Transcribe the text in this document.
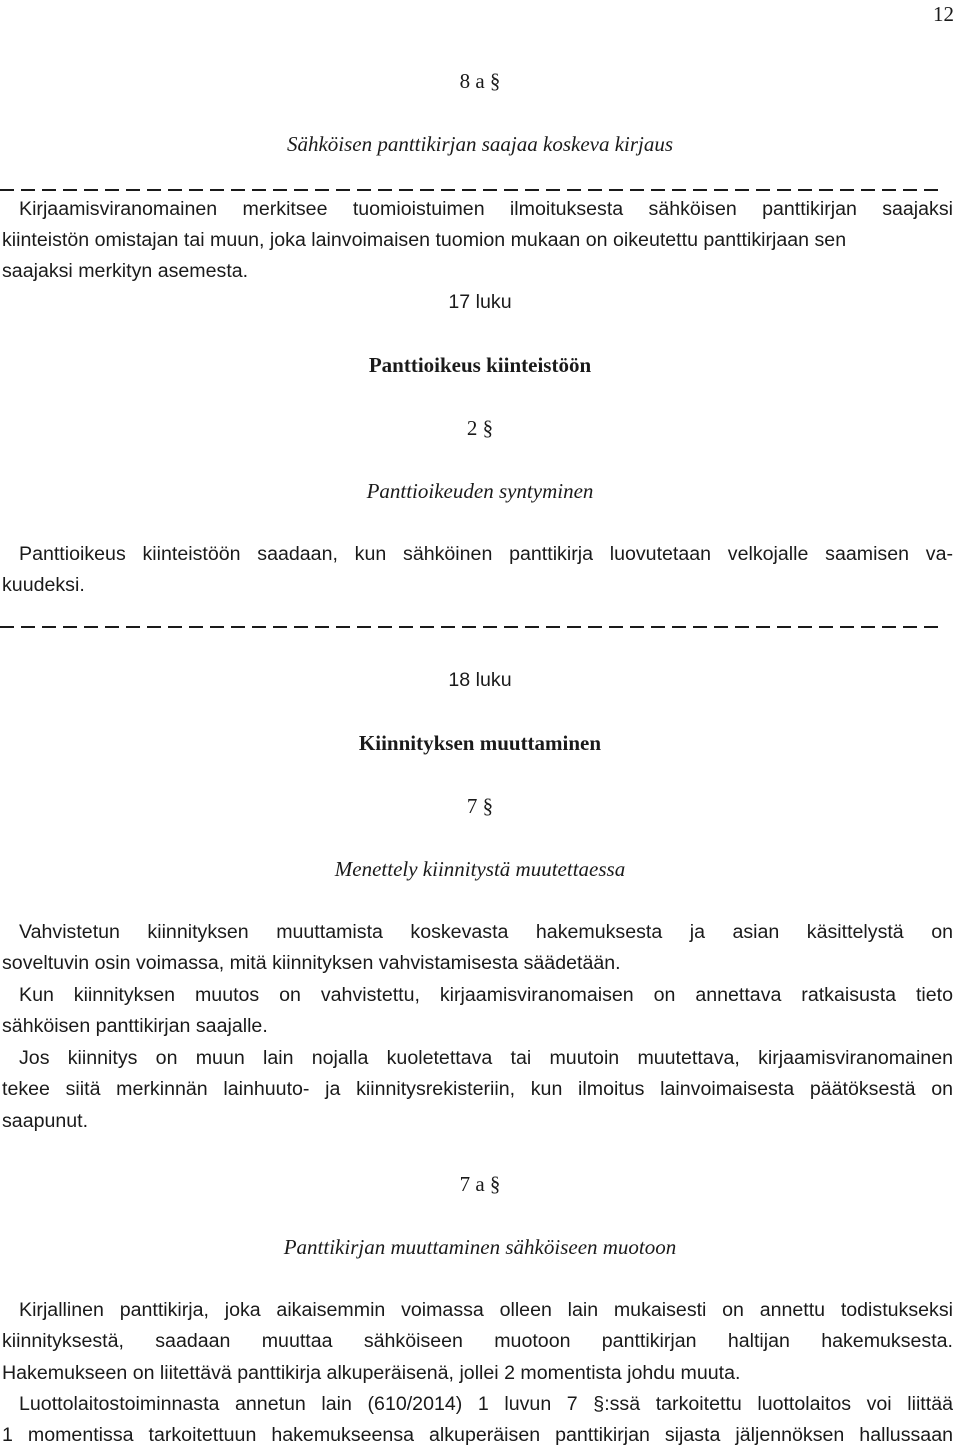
12
8 a §
Sähköisen panttikirjan saajaa koskeva kirjaus
Kirjaamisviranomainen merkitsee tuomioistuimen ilmoituksesta sähköisen panttikirjan saajaksi
kiinteistön omistajan tai muun, joka lainvoimaisen tuomion mukaan on oikeutettu panttikirjaan sen
saajaksi merkityn asemesta.
17 luku
Panttioikeus kiinteistöön
2 §
Panttioikeuden syntyminen
Panttioikeus kiinteistöön saadaan, kun sähköinen panttikirja luovutetaan velkojalle saamisen va-
kuudeksi.
18 luku
Kiinnityksen muuttaminen
7 §
Menettely kiinnitystä muutettaessa
Vahvistetun kiinnityksen muuttamista koskevasta hakemuksesta ja asian käsittelystä on
soveltuvin osin voimassa, mitä kiinnityksen vahvistamisesta säädetään.
Kun kiinnityksen muutos on vahvistettu, kirjaamisviranomaisen on annettava ratkaisusta tieto
sähköisen panttikirjan saajalle.
Jos kiinnitys on muun lain nojalla kuoletettava tai muutoin muutettava, kirjaamisviranomainen
tekee siitä merkinnän lainhuuto- ja kiinnitysrekisteriin, kun ilmoitus lainvoimaisesta päätöksestä on
saapunut.
7 a §
Panttikirjan muuttaminen sähköiseen muotoon
Kirjallinen panttikirja, joka aikaisemmin voimassa olleen lain mukaisesti on annettu todistukseksi
kiinnityksestä, saadaan muuttaa sähköiseen muotoon panttikirjan haltijan hakemuksesta.
Hakemukseen on liitettävä panttikirja alkuperäisenä, jollei 2 momentista johdu muuta.
Luottolaitostoiminnasta annetun lain (610/2014) 1 luvun 7 §:ssä tarkoitettu luottolaitos voi liittää
1 momentissa tarkoitettuun hakemukseensa alkuperäisen panttikirjan sijasta jäljennöksen hallussaan
